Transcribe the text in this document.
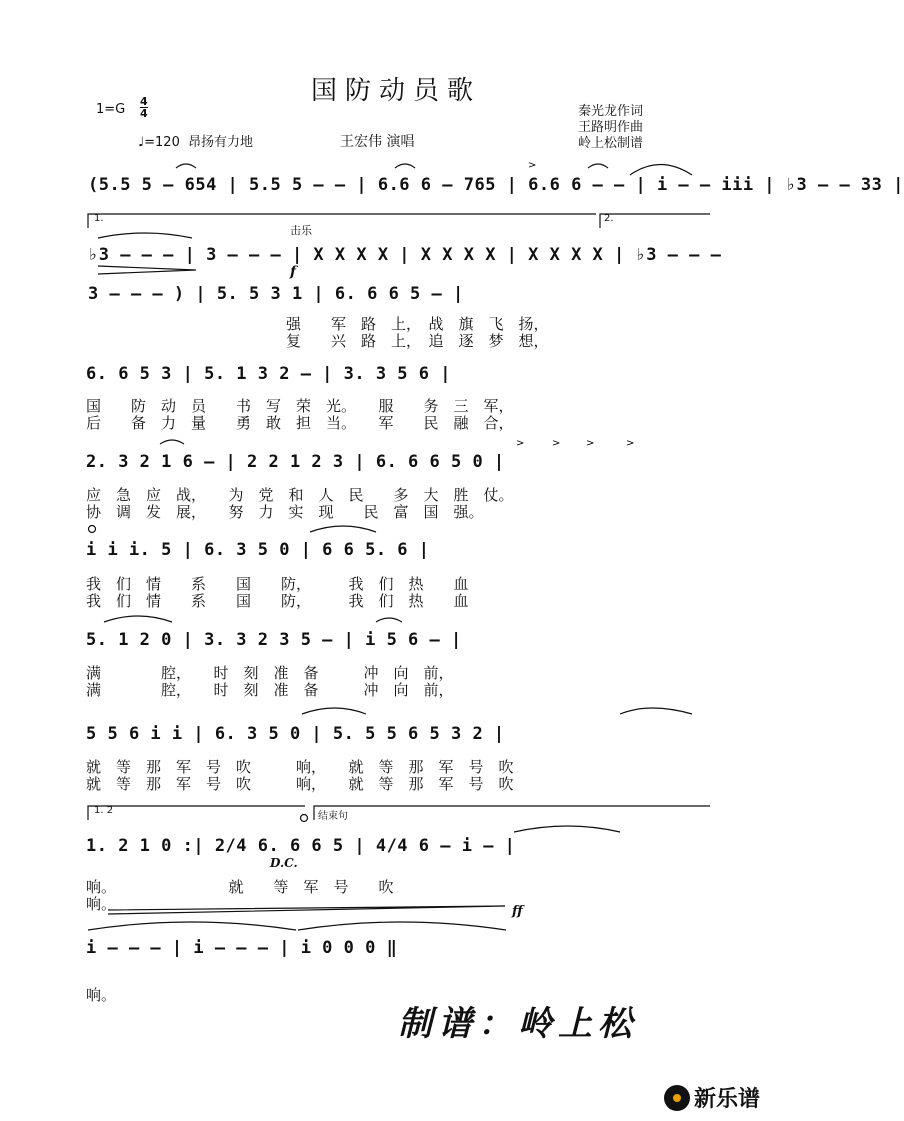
国防动员歌
1=G
4
4
♩=120 昂扬有力地	王宏伟 演唱
秦光龙作词
王路明作曲
岭上松制谱
>
>	>	>	>
1.	2.
1. 2
击乐
结束句
f
ff
D.C.
(5.5 5 – 654 | 5.5 5 – – | 6.6 6 – 765 | 6.6 6 – – | i – – iii | ♭3 – – 33 |
♭3 – – – | 3 – – – | X X X X | X X X X | X X X X | ♭3 – – –
3 – – – ) | 5. 5 3 1 | 6. 6 6 5 – |
6. 6 5 3 | 5. 1 3 2 – | 3. 3 5 6 |
2. 3 2 1 6 – | 2 2 1 2 3 | 6. 6 6 5 0 |
i i i. 5 | 6. 3 5 0 | 6 6 5. 6 |
5. 1 2 0 | 3. 3 2 3 5 – | i 5 6 – |
5 5 6 i i | 6. 3 5 0 | 5. 5 5 6 5 3 2 |
1. 2 1 0 :| 2/4 6. 6 6 5 | 4/4 6 – i – |
i – – – | i – – – | i 0 0 0 ‖
强　　军　路　上，　战　旗　飞　扬，
复　　兴　路　上，　追　逐　梦　想，
国　　防　动　员　　书　写　荣　光。　　服　　务　三　军，
后　　备　力　量　　勇　敢　担　当。　　军　　民　融　合，
应　急　应　战，　　为　党　和　人　民　　多　大　胜　仗。
协　调　发　展，　　努　力　实　现　　民　富　国　强。
我　们　情　　系　　国　　防，　　　我　们　热　　血
我　们　情　　系　　国　　防，　　　我　们　热　　血
满　　　　腔，　　时　刻　准　备　　　冲　向　前，
满　　　　腔，　　时　刻　准　备　　　冲　向　前，
就　等　那　军　号　吹　　　响，　　就　等　那　军　号　吹
就　等　那　军　号　吹　　　响，　　就　等　那　军　号　吹
响。　　　　　　　　就　　等　军　号　　吹
响。
响。
制谱：岭上松
新乐谱
